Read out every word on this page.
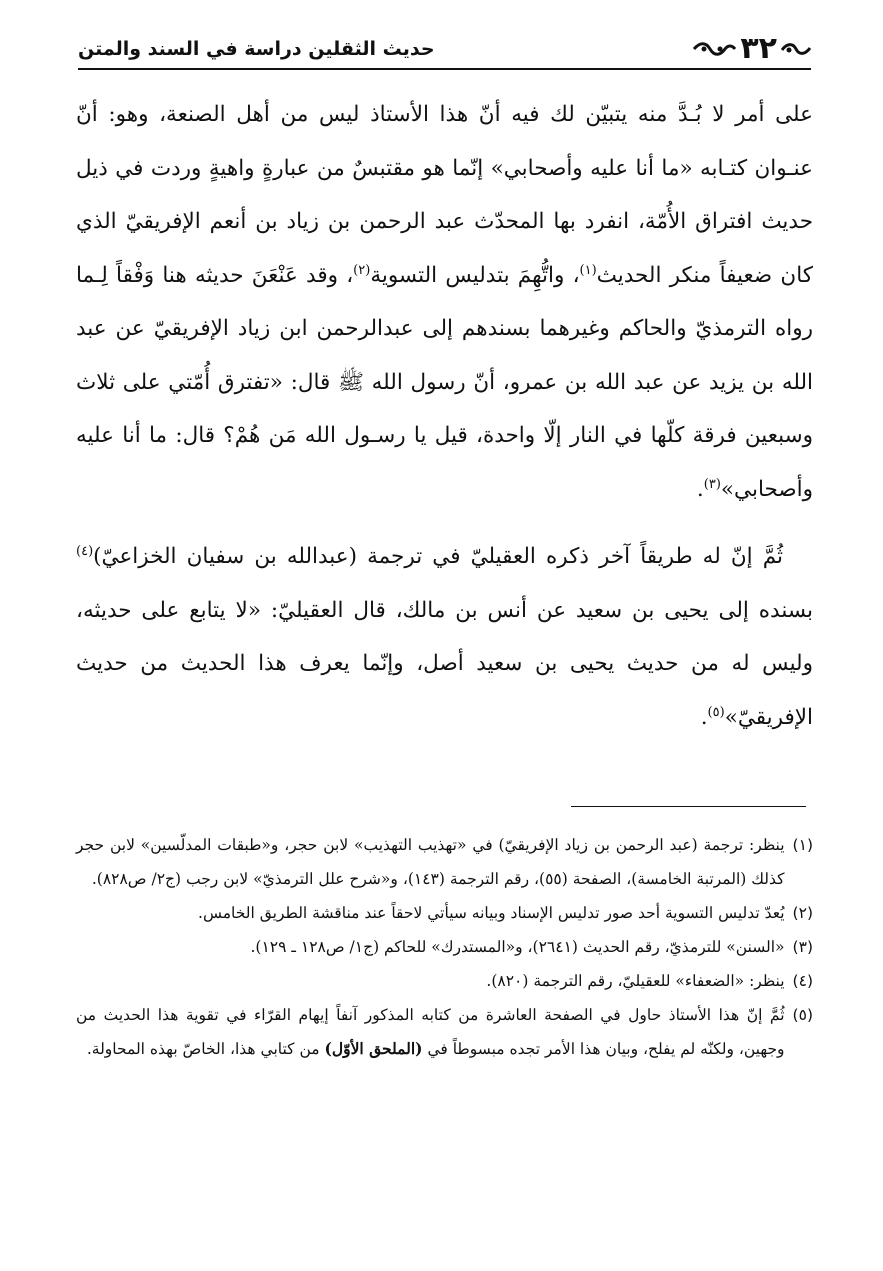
٣٢
حديث الثقلين دراسة في السند والمتن

على أمر لا بُـدَّ منه يتبيّن لك فيه أنّ هذا الأستاذ ليس من أهل الصنعة، وهو: أنّ عنـوان كتـابه «ما أنا عليه وأصحابي» إنّما هو مقتبسٌ من عبارةٍ واهيةٍ وردت في ذيل حديث افتراق الأُمّة، انفرد بها المحدّث عبد الرحمن بن زياد بن أنعم الإفريقيّ الذي كان ضعيفاً منكر الحديث$^{(١)}$، واتُّهِمَ بتدليس التسوية$^{(٢)}$، وقد عَنْعَنَ حديثه هنا وَفْقاً لِـما رواه الترمذيّ والحاكم وغيرهما بسندهم إلى عبدالرحمن ابن زياد الإفريقيّ عن عبد الله بن يزيد عن عبد الله بن عمرو، أنّ رسول الله ﷺ قال: «تفترق أُمّتي على ثلاث وسبعين فرقة كلّها في النار إلّا واحدة، قيل يا رسـول الله مَن هُمْ؟ قال: ما أنا عليه وأصحابي»$^{(٣)}$.

ثُمَّ إنّ له طريقاً آخر ذكره العقيليّ في ترجمة (عبدالله بن سفيان الخزاعيّ)$^{(٤)}$ بسنده إلى يحيى بن سعيد عن أنس بن مالك، قال العقيليّ: «لا يتابع على حديثه، وليس له من حديث يحيى بن سعيد أصل، وإنّما يعرف هذا الحديث من حديث الإفريقيّ»$^{(٥)}$.

(١)
ينظر: ترجمة (عبد الرحمن بن زياد الإفريقيّ) في «تهذيب التهذيب» لابن حجر، و«طبقات المدلّسين» لابن حجر كذلك (المرتبة الخامسة)، الصفحة (٥٥)، رقم الترجمة (١٤٣)، و«شرح علل الترمذيّ» لابن رجب (ج٢/ ص٨٢٨).
(٢)
يُعدّ تدليس التسوية أحد صور تدليس الإسناد وبيانه سيأتي لاحقاً عند مناقشة الطريق الخامس.
(٣)
«السنن» للترمذيّ، رقم الحديث (٢٦٤١)، و«المستدرك» للحاكم (ج١/ ص١٢٨ ـ ١٢٩).
(٤)
ينظر: «الضعفاء» للعقيليّ، رقم الترجمة (٨٢٠).
(٥)
ثُمَّ إنّ هذا الأستاذ حاول في الصفحة العاشرة من كتابه المذكور آنفاً إيهام القرّاء في تقوية هذا الحديث من وجهين، ولكنّه لم يفلح، وبيان هذا الأمر تجده مبسوطاً في (الملحق الأوّل) من كتابي هذا، الخاصّ بهذه المحاولة.
